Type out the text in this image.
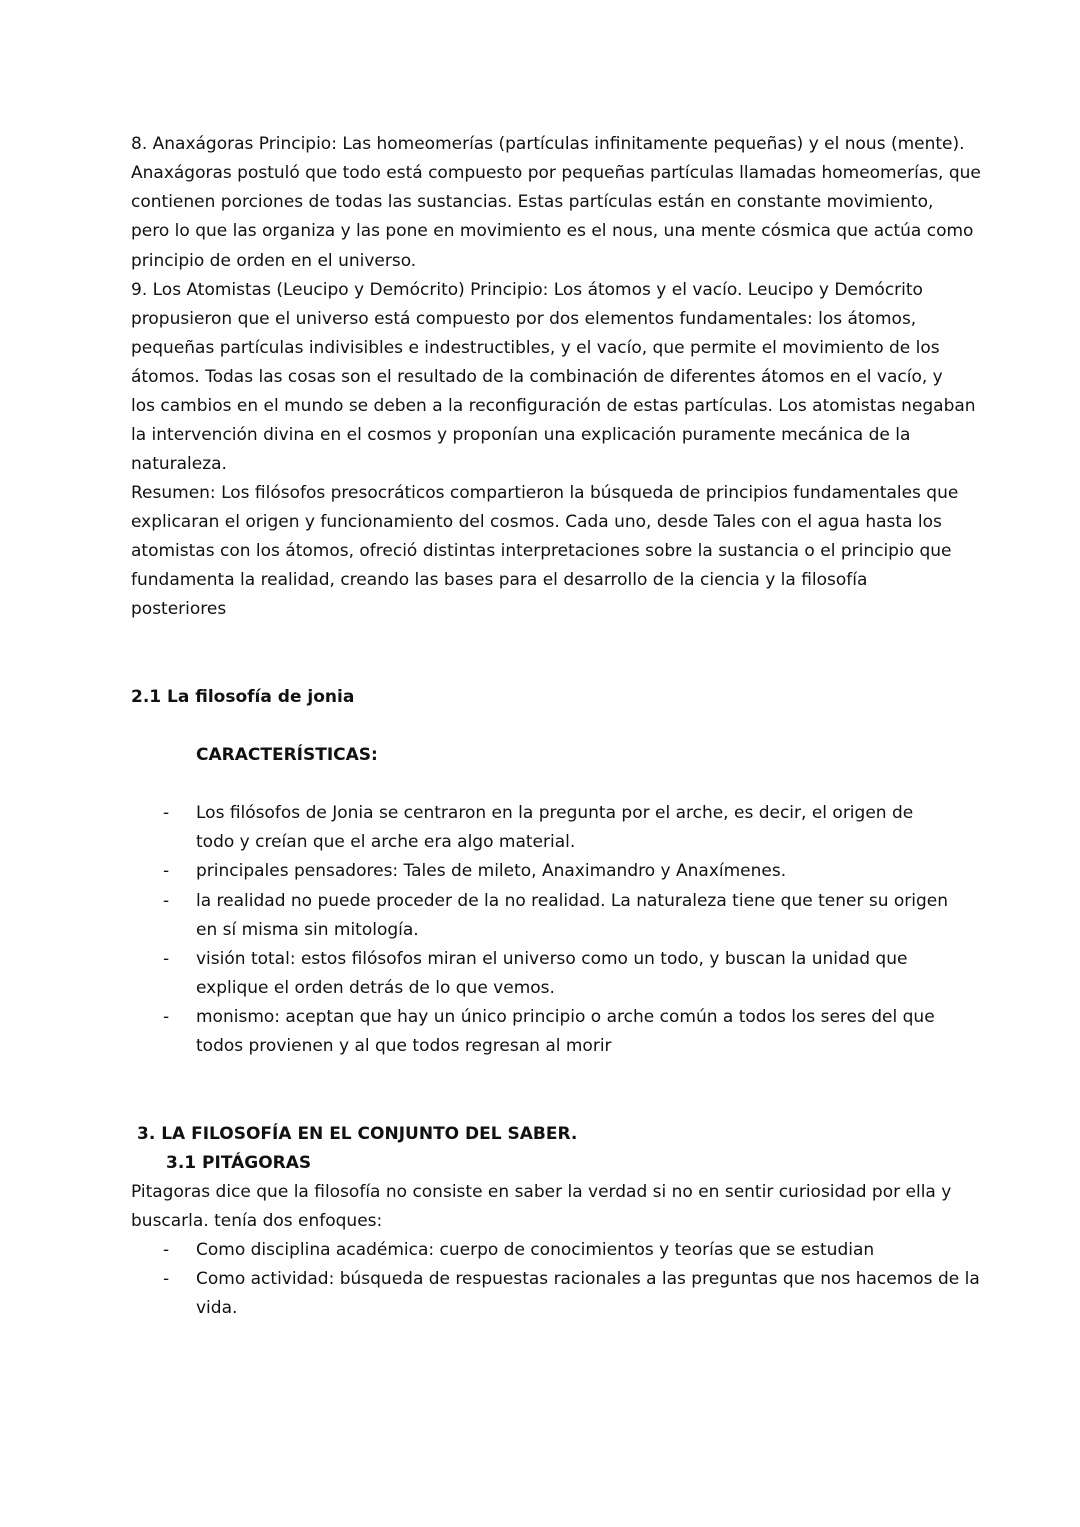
8. Anaxágoras Principio: Las homeomerías (partículas infinitamente pequeñas) y el nous (mente).
Anaxágoras postuló que todo está compuesto por pequeñas partículas llamadas homeomerías, que
contienen porciones de todas las sustancias. Estas partículas están en constante movimiento,
pero lo que las organiza y las pone en movimiento es el nous, una mente cósmica que actúa como
principio de orden en el universo.
9. Los Atomistas (Leucipo y Demócrito) Principio: Los átomos y el vacío. Leucipo y Demócrito
propusieron que el universo está compuesto por dos elementos fundamentales: los átomos,
pequeñas partículas indivisibles e indestructibles, y el vacío, que permite el movimiento de los
átomos. Todas las cosas son el resultado de la combinación de diferentes átomos en el vacío, y
los cambios en el mundo se deben a la reconfiguración de estas partículas. Los atomistas negaban
la intervención divina en el cosmos y proponían una explicación puramente mecánica de la
naturaleza.
Resumen: Los filósofos presocráticos compartieron la búsqueda de principios fundamentales que
explicaran el origen y funcionamiento del cosmos. Cada uno, desde Tales con el agua hasta los
atomistas con los átomos, ofreció distintas interpretaciones sobre la sustancia o el principio que
fundamenta la realidad, creando las bases para el desarrollo de la ciencia y la filosofía
posteriores
2.1 La filosofía de jonia
CARACTERÍSTICAS:
- Los filósofos de Jonia se centraron en la pregunta por el arche, es decir, el origen de
todo y creían que el arche era algo material.
- principales pensadores: Tales de mileto, Anaximandro y Anaxímenes.
- la realidad no puede proceder de la no realidad. La naturaleza tiene que tener su origen
en sí misma sin mitología.
- visión total: estos filósofos miran el universo como un todo, y buscan la unidad que
explique el orden detrás de lo que vemos.
- monismo: aceptan que hay un único principio o arche común a todos los seres del que
todos provienen y al que todos regresan al morir
3. LA FILOSOFÍA EN EL CONJUNTO DEL SABER.
3.1 PITÁGORAS
Pitagoras dice que la filosofía no consiste en saber la verdad si no en sentir curiosidad por ella y
buscarla. tenía dos enfoques:
- Como disciplina académica: cuerpo de conocimientos y teorías que se estudian
- Como actividad: búsqueda de respuestas racionales a las preguntas que nos hacemos de la
vida.
